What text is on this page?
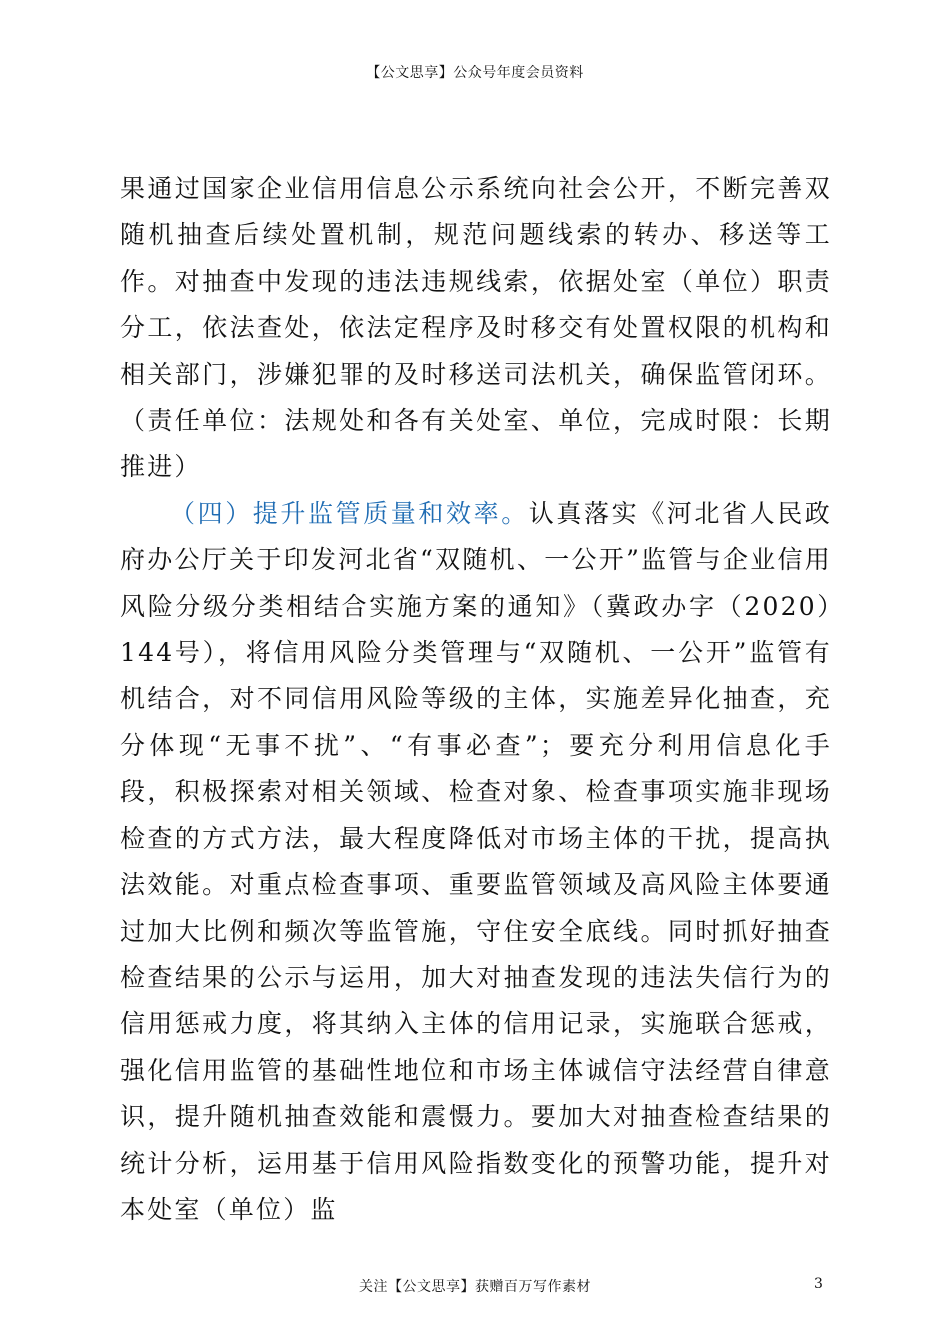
【公文思享】公众号年度会员资料

果通过国家企业信用信息公示系统向社会公开，不断完善双随机抽查后续处置机制，规范问题线索的转办、移送等工作。对抽查中发现的违法违规线索，依据处室（单位）职责分工，依法查处，依法定程序及时移交有处置权限的机构和相关部门，涉嫌犯罪的及时移送司法机关，确保监管闭环。（责任单位：法规处和各有关处室、单位，完成时限：长期推进）

（四）提升监管质量和效率。认真落实《河北省人民政府办公厅关于印发河北省“双随机、一公开”监管与企业信用风险分级分类相结合实施方案的通知》（冀政办字（2020）144号），将信用风险分类管理与“双随机、一公开”监管有机结合，对不同信用风险等级的主体，实施差异化抽查，充分体现“无事不扰”、“有事必查”；要充分利用信息化手段，积极探索对相关领域、检查对象、检查事项实施非现场检查的方式方法，最大程度降低对市场主体的干扰，提高执法效能。对重点检查事项、重要监管领域及高风险主体要通过加大比例和频次等监管施，守住安全底线。同时抓好抽查检查结果的公示与运用，加大对抽查发现的违法失信行为的信用惩戒力度，将其纳入主体的信用记录，实施联合惩戒，强化信用监管的基础性地位和市场主体诚信守法经营自律意识，提升随机抽查效能和震慑力。要加大对抽查检查结果的统计分析，运用基于信用风险指数变化的预警功能，提升对本处室（单位）监

关注【公文思享】获赠百万写作素材	3
